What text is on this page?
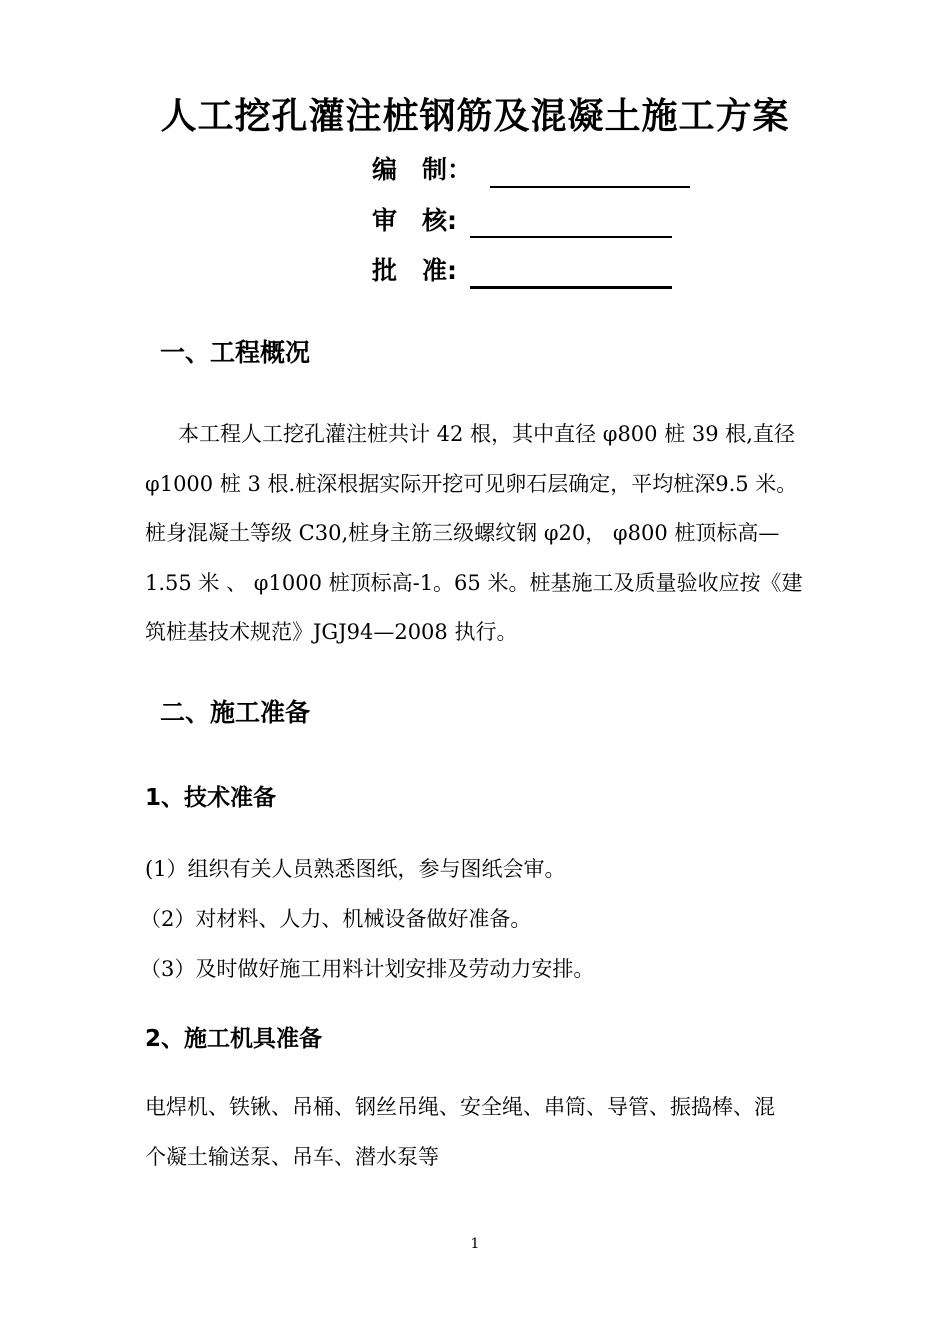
人工挖孔灌注桩钢筋及混凝土施工方案
编　制：
审　核:
批　准:
一、工程概况
本工程人工挖孔灌注桩共计 42 根，其中直径 φ800 桩 39 根,直径
φ1000 桩 3 根.桩深根据实际开挖可见卵石层确定，平均桩深9.5 米。
桩身混凝土等级 C30,桩身主筋三级螺纹钢 φ20， φ800 桩顶标高—
1.55 米 、 φ1000 桩顶标高-1。65 米。桩基施工及质量验收应按《建
筑桩基技术规范》JGJ94—2008 执行。
二、施工准备
1、技术准备
(1）组织有关人员熟悉图纸，参与图纸会审。
（2）对材料、人力、机械设备做好准备。
（3）及时做好施工用料计划安排及劳动力安排。
2、施工机具准备
电焊机、铁锹、吊桶、钢丝吊绳、安全绳、串筒、导管、振捣棒、混
个凝土输送泵、吊车、潜水泵等
1
